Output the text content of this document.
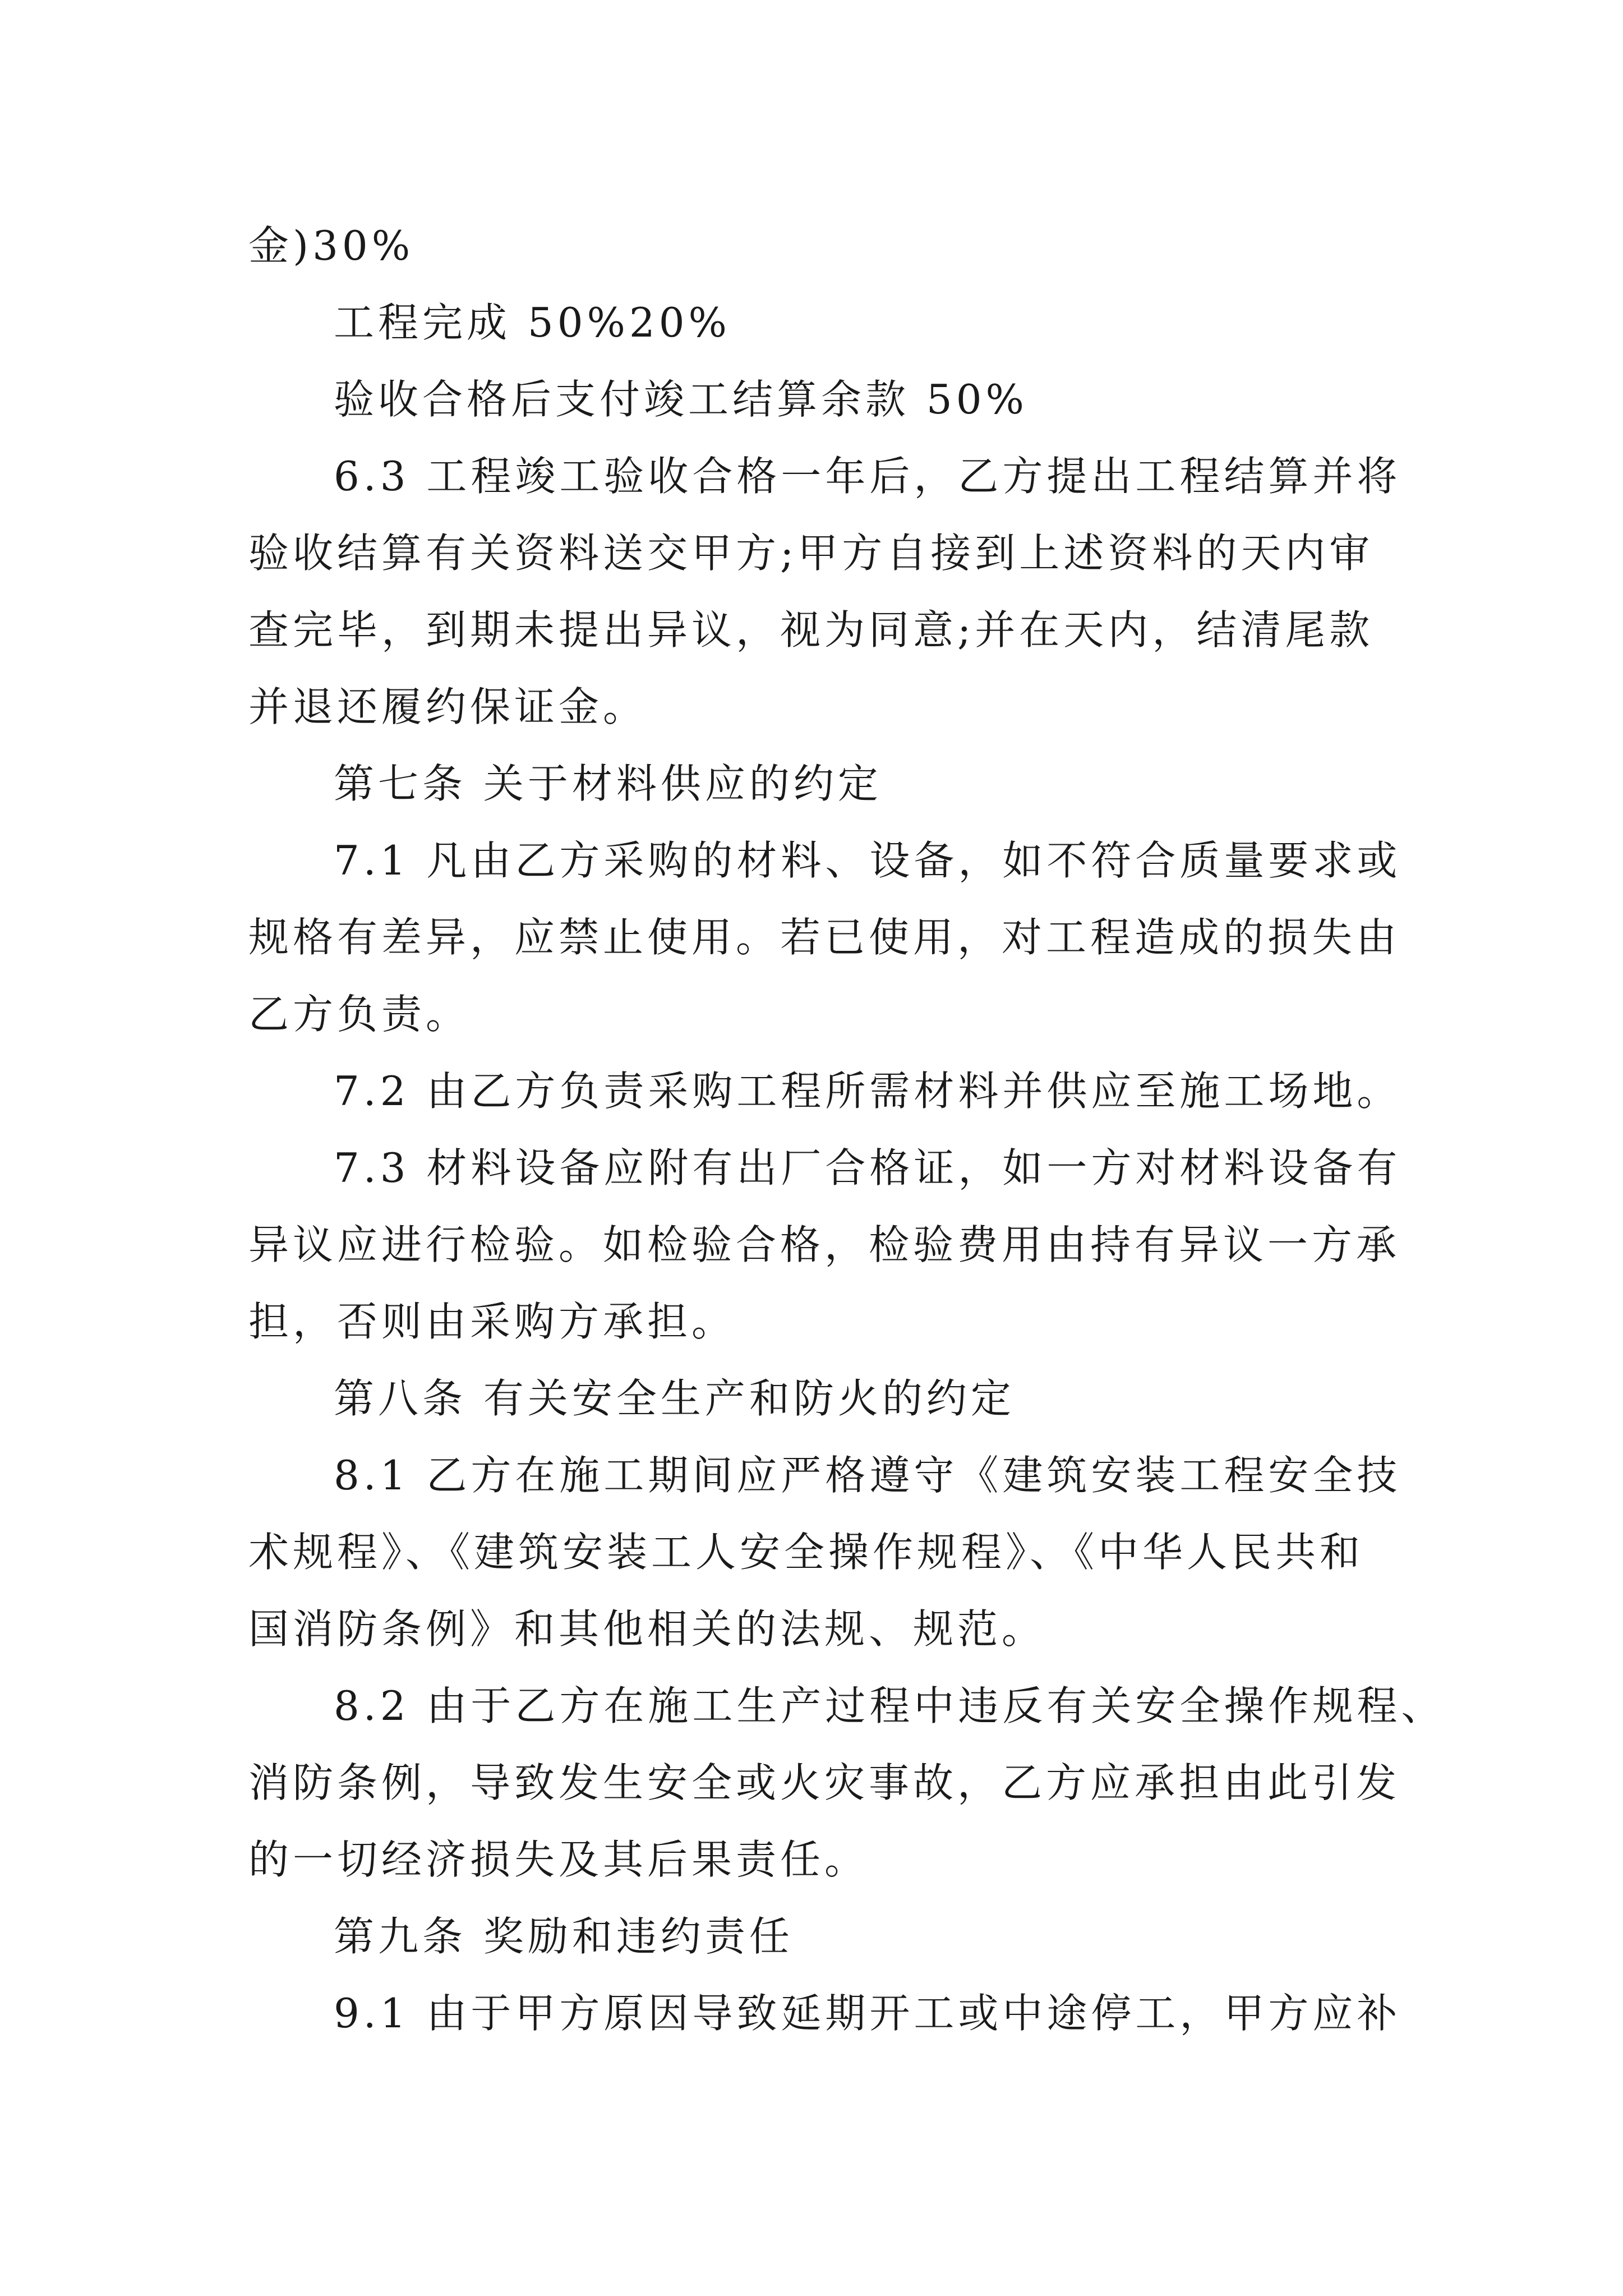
金)30%
工程完成 50%20%
验收合格后支付竣工结算余款 50%
6.3 工程竣工验收合格一年后，乙方提出工程结算并将
验收结算有关资料送交甲方;甲方自接到上述资料的天内审
查完毕，到期未提出异议，视为同意;并在天内，结清尾款
并退还履约保证金。
第七条 关于材料供应的约定
7.1 凡由乙方采购的材料、设备，如不符合质量要求或
规格有差异，应禁止使用。若已使用，对工程造成的损失由
乙方负责。
7.2 由乙方负责采购工程所需材料并供应至施工场地。
7.3 材料设备应附有出厂合格证，如一方对材料设备有
异议应进行检验。如检验合格，检验费用由持有异议一方承
担，否则由采购方承担。
第八条 有关安全生产和防火的约定
8.1 乙方在施工期间应严格遵守《建筑安装工程安全技
术规程》、《建筑安装工人安全操作规程》、《中华人民共和
国消防条例》和其他相关的法规、规范。
8.2 由于乙方在施工生产过程中违反有关安全操作规程、
消防条例，导致发生安全或火灾事故，乙方应承担由此引发
的一切经济损失及其后果责任。
第九条 奖励和违约责任
9.1 由于甲方原因导致延期开工或中途停工，甲方应补
